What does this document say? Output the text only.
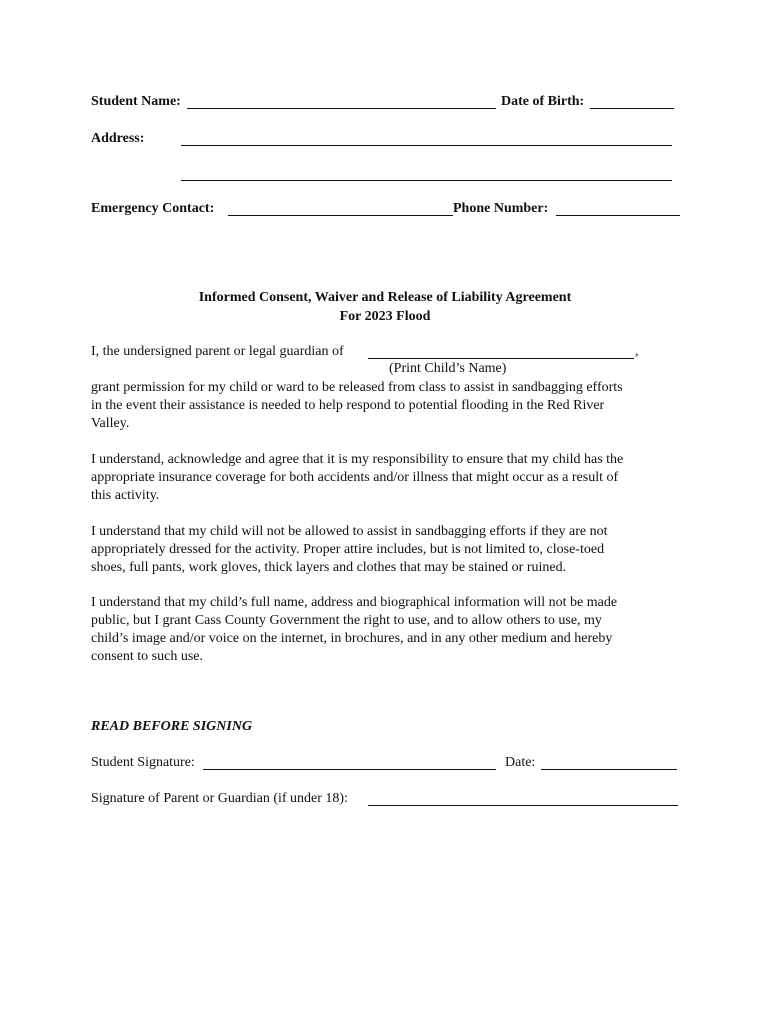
Student Name:	Date of Birth:
Address:
Emergency Contact:	Phone Number:
Informed Consent, Waiver and Release of Liability Agreement
For 2023 Flood
I, the undersigned parent or legal guardian of	,
(Print Child’s Name)
grant permission for my child or ward to be released from class to assist in sandbagging efforts
in the event their assistance is needed to help respond to potential flooding in the Red River
Valley.
I understand, acknowledge and agree that it is my responsibility to ensure that my child has the
appropriate insurance coverage for both accidents and/or illness that might occur as a result of
this activity.
I understand that my child will not be allowed to assist in sandbagging efforts if they are not
appropriately dressed for the activity. Proper attire includes, but is not limited to, close-toed
shoes, full pants, work gloves, thick layers and clothes that may be stained or ruined.
I understand that my child’s full name, address and biographical information will not be made
public, but I grant Cass County Government the right to use, and to allow others to use, my
child’s image and/or voice on the internet, in brochures, and in any other medium and hereby
consent to such use.
READ BEFORE SIGNING
Student Signature:	Date:
Signature of Parent or Guardian (if under 18):
